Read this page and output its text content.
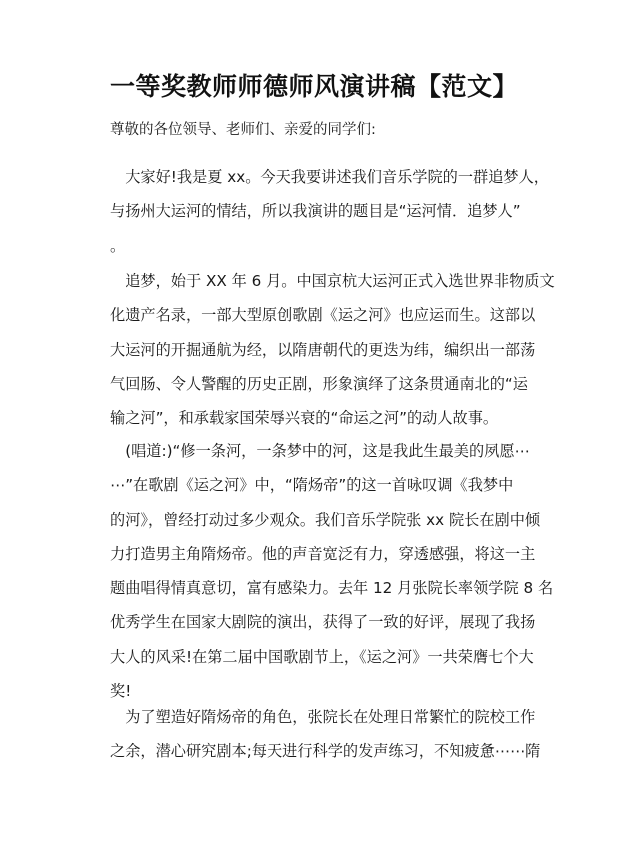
一等奖教师师德师风演讲稿【范文】
尊敬的各位领导、老师们、亲爱的同学们:

　大家好!我是夏 xx。今天我要讲述我们音乐学院的一群追梦人，
与扬州大运河的情结，所以我演讲的题目是“运河情．追梦人”
。

　追梦，始于 XX 年 6 月。中国京杭大运河正式入选世界非物质文
化遗产名录，一部大型原创歌剧《运之河》也应运而生。这部以
大运河的开掘通航为经，以隋唐朝代的更迭为纬，编织出一部荡
气回肠、令人警醒的历史正剧，形象演绎了这条贯通南北的“运
输之河”，和承载家国荣辱兴衰的“命运之河”的动人故事。

　(唱道:)“修一条河，一条梦中的河，这是我此生最美的夙愿⋯
⋯”在歌剧《运之河》中，“隋炀帝”的这一首咏叹调《我梦中
的河》，曾经打动过多少观众。我们音乐学院张 xx 院长在剧中倾
力打造男主角隋炀帝。他的声音宽泛有力，穿透感强，将这一主
题曲唱得情真意切，富有感染力。去年 12 月张院长率领学院 8 名
优秀学生在国家大剧院的演出，获得了一致的好评，展现了我扬
大人的风采!在第二届中国歌剧节上，《运之河》一共荣膺七个大
奖!

　为了塑造好隋炀帝的角色，张院长在处理日常繁忙的院校工作
之余，潜心研究剧本;每天进行科学的发声练习，不知疲惫⋯⋯隋
